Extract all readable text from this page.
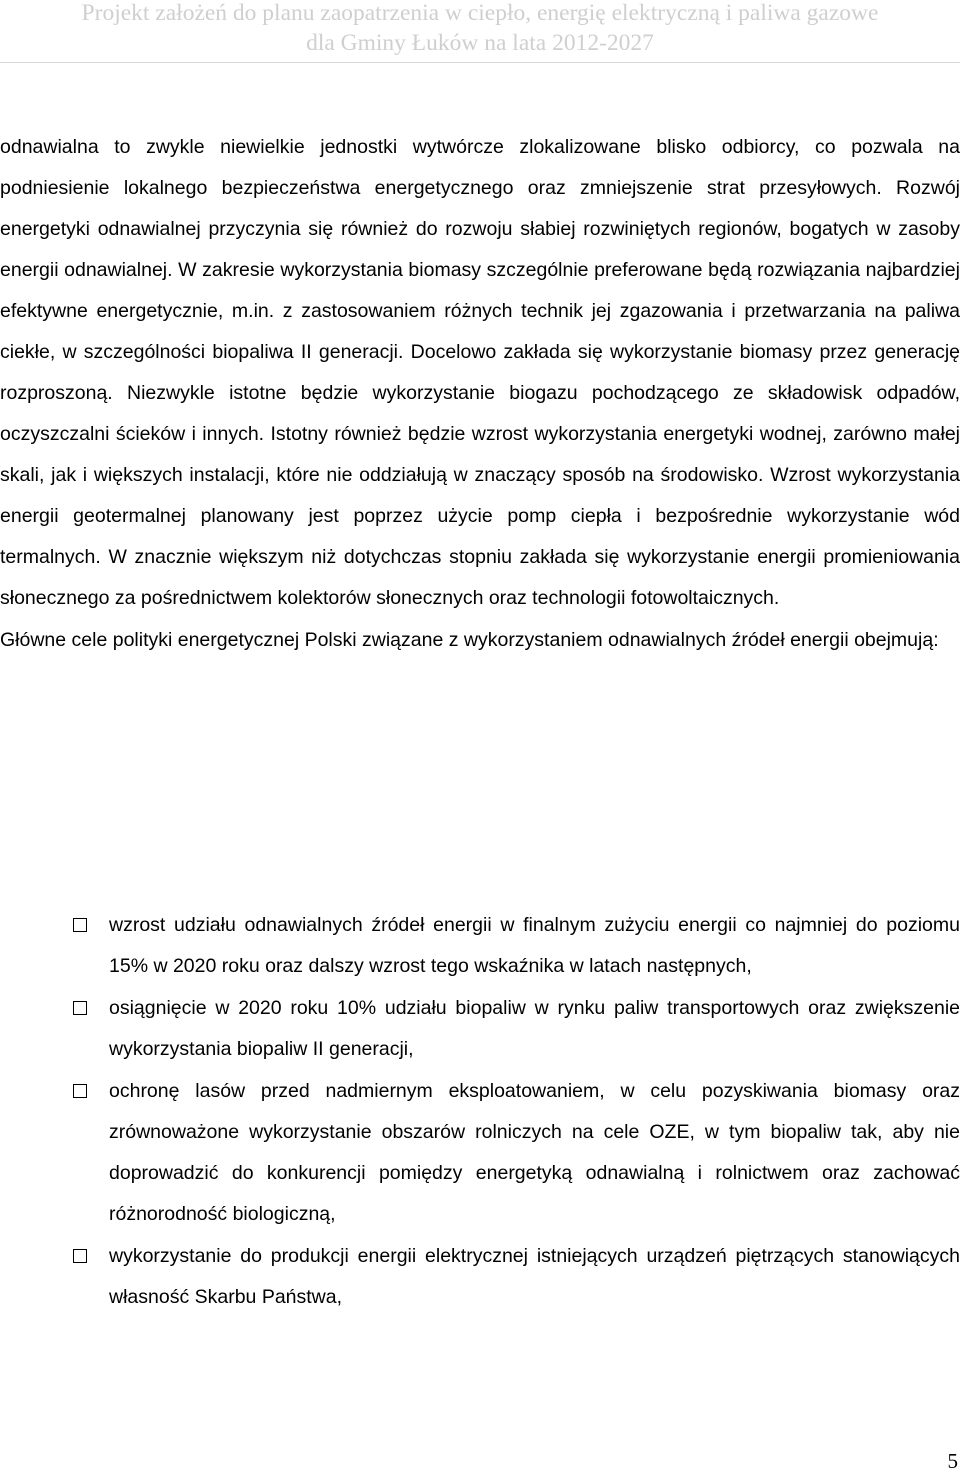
Projekt założeń do planu zaopatrzenia w ciepło, energię elektryczną i paliwa gazowe
dla Gminy Łuków na lata 2012-2027

odnawialna to zwykle niewielkie jednostki wytwórcze zlokalizowane blisko odbiorcy, co pozwala na podniesienie lokalnego bezpieczeństwa energetycznego oraz zmniejszenie strat przesyłowych. Rozwój energetyki odnawialnej przyczynia się również do rozwoju słabiej rozwiniętych regionów, bogatych w zasoby energii odnawialnej. W zakresie wykorzystania biomasy szczególnie preferowane będą rozwiązania najbardziej efektywne energetycznie, m.in. z zastosowaniem różnych technik jej zgazowania i przetwarzania na paliwa ciekłe, w szczególności biopaliwa II generacji. Docelowo zakłada się wykorzystanie biomasy przez generację rozproszoną. Niezwykle istotne będzie wykorzystanie biogazu pochodzącego ze składowisk odpadów, oczyszczalni ścieków i innych. Istotny również będzie wzrost wykorzystania energetyki wodnej, zarówno małej skali, jak i większych instalacji, które nie oddziałują w znaczący sposób na środowisko. Wzrost wykorzystania energii geotermalnej planowany jest poprzez użycie pomp ciepła i bezpośrednie wykorzystanie wód termalnych. W znacznie większym niż dotychczas stopniu zakłada się wykorzystanie energii promieniowania słonecznego za pośrednictwem kolektorów słonecznych oraz technologii fotowoltaicznych.

Główne cele polityki energetycznej Polski związane z wykorzystaniem odnawialnych źródeł energii obejmują:

wzrost udziału odnawialnych źródeł energii w finalnym zużyciu energii co najmniej do poziomu 15% w 2020 roku oraz dalszy wzrost tego wskaźnika w latach następnych,
osiągnięcie w 2020 roku 10% udziału biopaliw w rynku paliw transportowych oraz zwiększenie wykorzystania biopaliw II generacji,
ochronę lasów przed nadmiernym eksploatowaniem, w celu pozyskiwania biomasy oraz zrównoważone wykorzystanie obszarów rolniczych na cele OZE, w tym biopaliw tak, aby nie doprowadzić do konkurencji pomiędzy energetyką odnawialną i rolnictwem oraz zachować różnorodność biologiczną,
wykorzystanie do produkcji energii elektrycznej istniejących urządzeń piętrzących stanowiących własność Skarbu Państwa,
5
